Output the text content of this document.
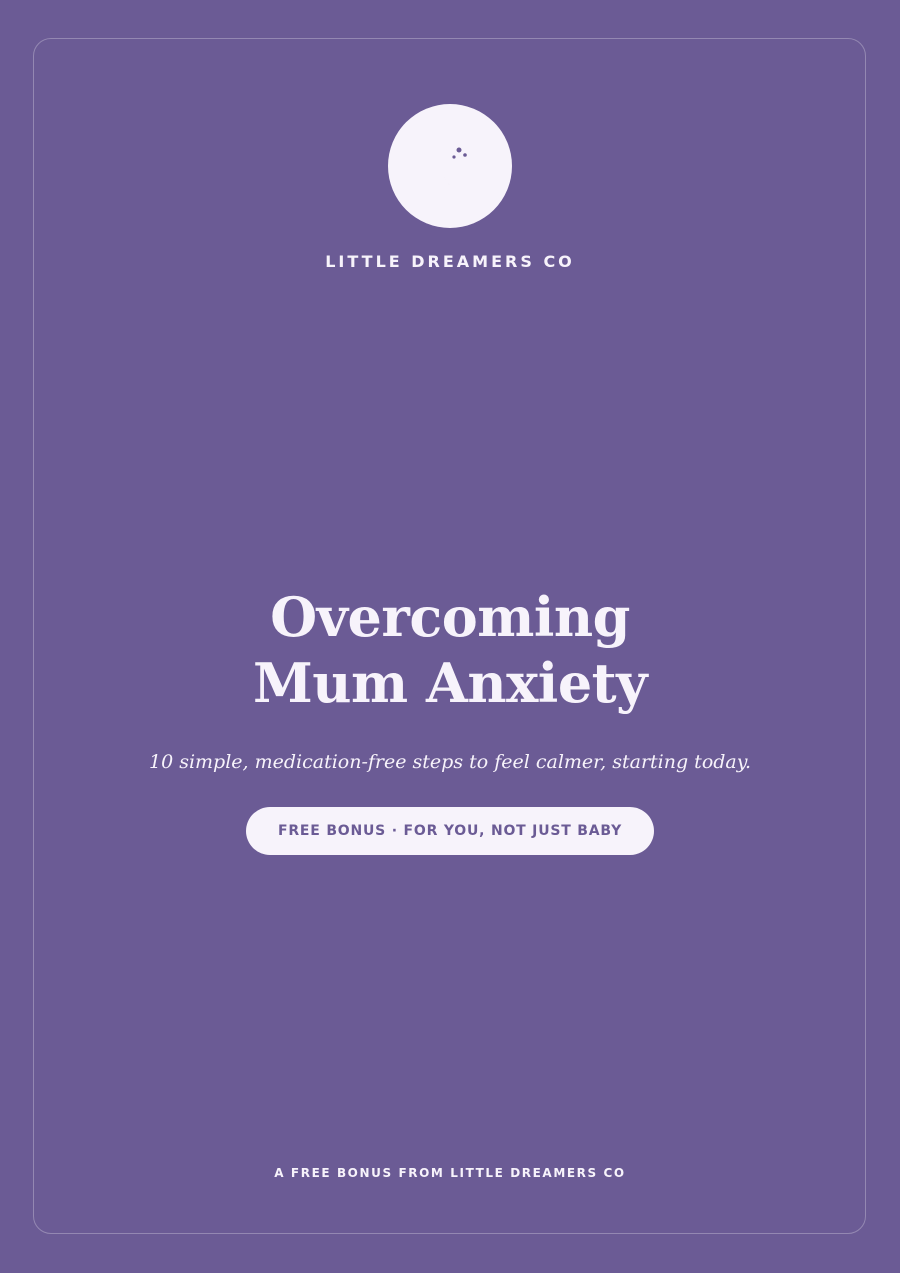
LITTLE DREAMERS CO
Overcoming
Mum Anxiety
10 simple, medication-free steps to feel calmer, starting today.
FREE BONUS · FOR YOU, NOT JUST BABY
A FREE BONUS FROM LITTLE DREAMERS CO
